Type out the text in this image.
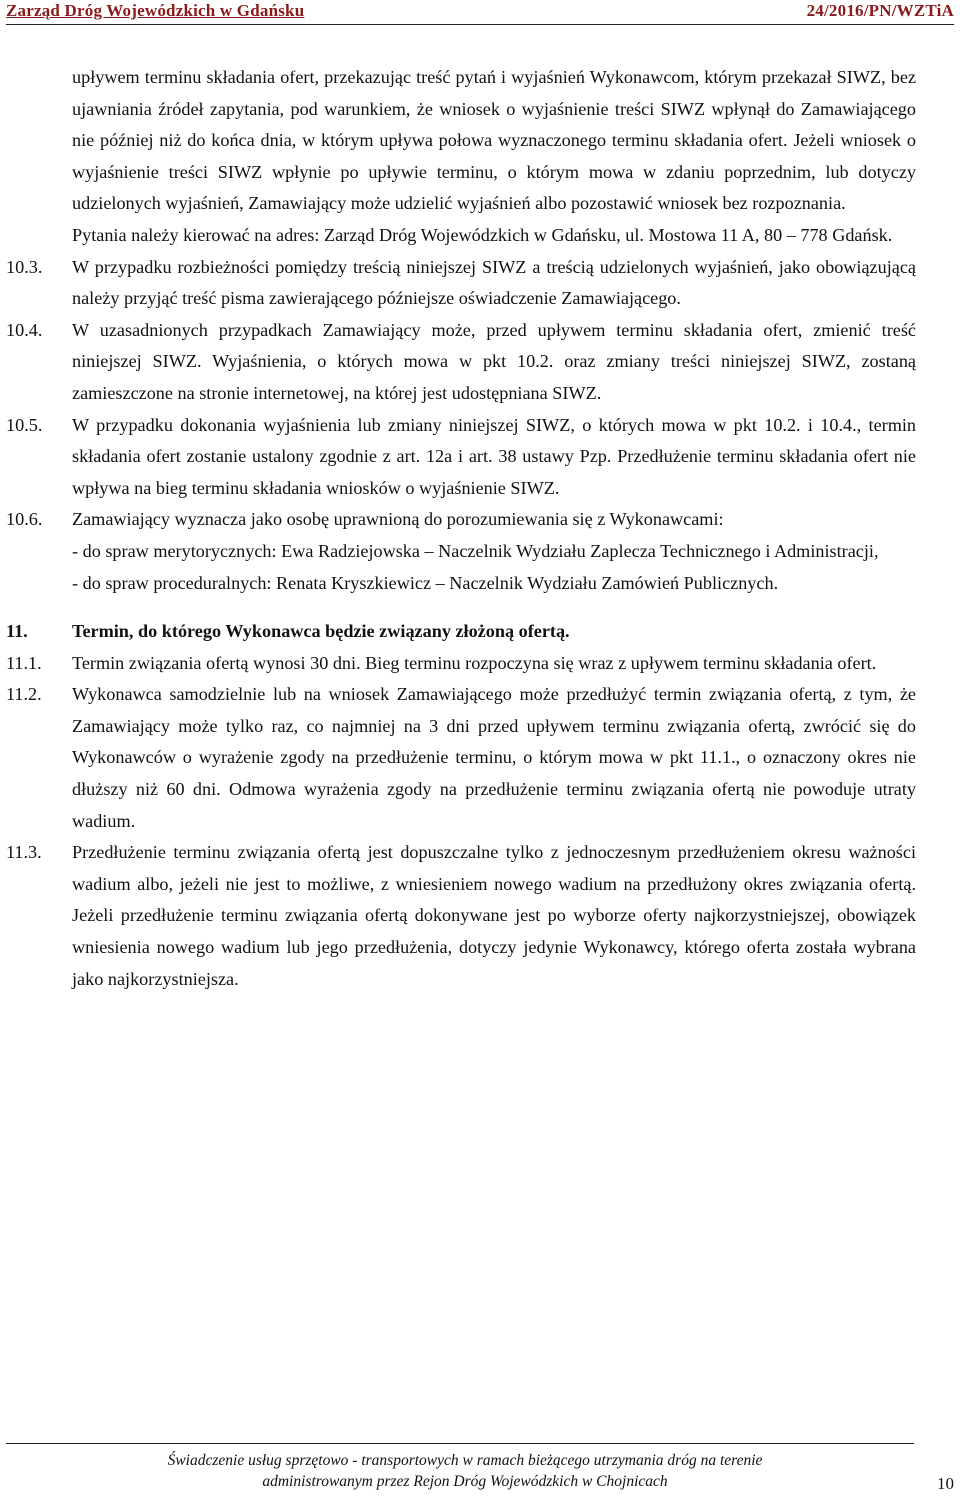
Zarząd Dróg Wojewódzkich w Gdańsku	24/2016/PN/WZTiA
upływem terminu składania ofert, przekazując treść pytań i wyjaśnień Wykonawcom, którym przekazał SIWZ, bez ujawniania źródeł zapytania, pod warunkiem, że wniosek o wyjaśnienie treści SIWZ wpłynął do Zamawiającego nie później niż do końca dnia, w którym upływa połowa wyznaczonego terminu składania ofert. Jeżeli wniosek o wyjaśnienie treści SIWZ wpłynie po upływie terminu, o którym mowa w zdaniu poprzednim, lub dotyczy udzielonych wyjaśnień, Zamawiający może udzielić wyjaśnień albo pozostawić wniosek bez rozpoznania.
Pytania należy kierować na adres: Zarząd Dróg Wojewódzkich w Gdańsku, ul. Mostowa 11 A, 80 – 778 Gdańsk.
10.3.	W przypadku rozbieżności pomiędzy treścią niniejszej SIWZ a treścią udzielonych wyjaśnień, jako obowiązującą należy przyjąć treść pisma zawierającego późniejsze oświadczenie Zamawiającego.
10.4.	W uzasadnionych przypadkach Zamawiający może, przed upływem terminu składania ofert, zmienić treść niniejszej SIWZ. Wyjaśnienia, o których mowa w pkt 10.2. oraz zmiany treści niniejszej SIWZ, zostaną zamieszczone na stronie internetowej, na której jest udostępniana SIWZ.
10.5.	W przypadku dokonania wyjaśnienia lub zmiany niniejszej SIWZ, o których mowa w pkt 10.2. i 10.4., termin składania ofert zostanie ustalony zgodnie z art. 12a i art. 38 ustawy Pzp. Przedłużenie terminu składania ofert nie wpływa na bieg terminu składania wniosków o wyjaśnienie SIWZ.
10.6.	Zamawiający wyznacza jako osobę uprawnioną do porozumiewania się z Wykonawcami:
- do spraw merytorycznych: Ewa Radziejowska – Naczelnik Wydziału Zaplecza Technicznego i Administracji,
- do spraw proceduralnych: Renata Kryszkiewicz – Naczelnik Wydziału Zamówień Publicznych.
11.	Termin, do którego Wykonawca będzie związany złożoną ofertą.
11.1.	Termin związania ofertą wynosi 30 dni. Bieg terminu rozpoczyna się wraz z upływem terminu składania ofert.
11.2.	Wykonawca samodzielnie lub na wniosek Zamawiającego może przedłużyć termin związania ofertą, z tym, że Zamawiający może tylko raz, co najmniej na 3 dni przed upływem terminu związania ofertą, zwrócić się do Wykonawców o wyrażenie zgody na przedłużenie terminu, o którym mowa w pkt 11.1., o oznaczony okres nie dłuższy niż 60 dni. Odmowa wyrażenia zgody na przedłużenie terminu związania ofertą nie powoduje utraty wadium.
11.3.	Przedłużenie terminu związania ofertą jest dopuszczalne tylko z jednoczesnym przedłużeniem okresu ważności wadium albo, jeżeli nie jest to możliwe, z wniesieniem nowego wadium na przedłużony okres związania ofertą. Jeżeli przedłużenie terminu związania ofertą dokonywane jest po wyborze oferty najkorzystniejszej, obowiązek wniesienia nowego wadium lub jego przedłużenia, dotyczy jedynie Wykonawcy, którego oferta została wybrana jako najkorzystniejsza.
Świadczenie usług sprzętowo - transportowych w ramach bieżącego utrzymania dróg na terenie
administrowanym przez Rejon Dróg Wojewódzkich w Chojnicach	10
